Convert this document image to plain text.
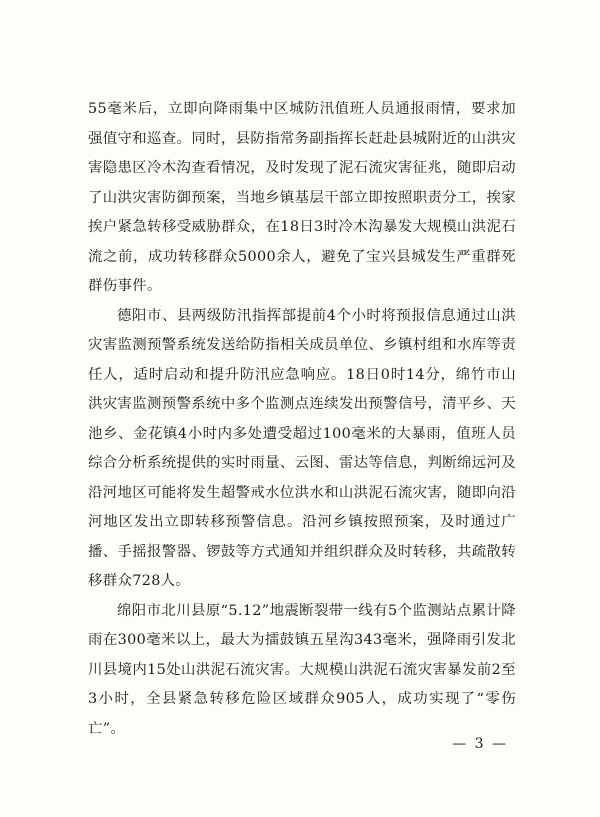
55毫米后，立即向降雨集中区城防汛值班人员通报雨情，要求加强值守和巡查。同时，县防指常务副指挥长赶赴县城附近的山洪灾害隐患区冷木沟查看情况，及时发现了泥石流灾害征兆，随即启动了山洪灾害防御预案，当地乡镇基层干部立即按照职责分工，挨家挨户紧急转移受威胁群众，在18日3时冷木沟暴发大规模山洪泥石流之前，成功转移群众5000余人，避免了宝兴县城发生严重群死群伤事件。

德阳市、县两级防汛指挥部提前4个小时将预报信息通过山洪灾害监测预警系统发送给防指相关成员单位、乡镇村组和水库等责任人，适时启动和提升防汛应急响应。18日0时14分，绵竹市山洪灾害监测预警系统中多个监测点连续发出预警信号，清平乡、天池乡、金花镇4小时内多处遭受超过100毫米的大暴雨，值班人员综合分析系统提供的实时雨量、云图、雷达等信息，判断绵远河及沿河地区可能将发生超警戒水位洪水和山洪泥石流灾害，随即向沿河地区发出立即转移预警信息。沿河乡镇按照预案，及时通过广播、手摇报警器、锣鼓等方式通知并组织群众及时转移，共疏散转移群众728人。

绵阳市北川县原“5.12”地震断裂带一线有5个监测站点累计降雨在300毫米以上，最大为擂鼓镇五星沟343毫米，强降雨引发北川县境内15处山洪泥石流灾害。大规模山洪泥石流灾害暴发前2至3小时，全县紧急转移危险区域群众905人，成功实现了“零伤亡”。

— 3 —
